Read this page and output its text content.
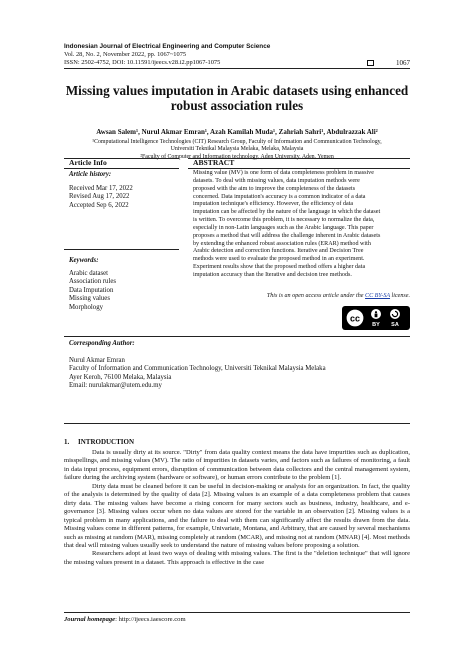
Indonesian Journal of Electrical Engineering and Computer Science
Vol. 28, No. 2, November 2022, pp. 1067~1075
ISSN: 2502-4752, DOI: 10.11591/ijeecs.v28.i2.pp1067-1075	1067
Missing values imputation in Arabic datasets using enhanced
robust association rules
Awsan Salem¹, Nurul Akmar Emran¹, Azah Kamilah Muda¹, Zahriah Sahri¹, Abdulrazzak Ali²
¹Computational Intelligence Technologies (CIT) Research Group, Faculty of Information and Communication Technology,
Universiti Teknikal Malaysia Melaka, Melaka, Malaysia
²Faculty of Computer and Information technology, Aden University, Aden, Yemen
Article Info	ABSTRACT
Article history:
Received Mar 17, 2022
Revised Aug 17, 2022
Accepted Sep 6, 2022
Keywords:
Arabic dataset
Association rules
Data Imputation
Missing values
Morphology
Missing value (MV) is one form of data completeness problem in massive
datasets. To deal with missing values, data imputation methods were
proposed with the aim to improve the completeness of the datasets
concerned. Data imputation's accuracy is a common indicator of a data
imputation technique's efficiency. However, the efficiency of data
imputation can be affected by the nature of the language in which the dataset
is written. To overcome this problem, it is necessary to normalize the data,
especially in non-Latin languages such as the Arabic language. This paper
proposes a method that will address the challenge inherent in Arabic datasets
by extending the enhanced robust association rules (ERAR) method with
Arabic detection and correction functions. Iterative and Decision Tree
methods were used to evaluate the proposed method in an experiment.
Experiment results show that the proposed method offers a higher data
imputation accuracy than the Iterative and decision tree methods.
This is an open access article under the CC BY-SA license.
cc
BY SA
Corresponding Author:
Nurul Akmar Emran
Faculty of Information and Communication Technology, Universiti Teknikal Malaysia Melaka
Ayer Keroh, 76100 Melaka, Malaysia
Email: nurulakmar@utem.edu.my
1.     INTRODUCTION

Data is usually dirty at its source. "Dirty" from data quality context means the data have impurities such as duplication, misspellings, and missing values (MV). The ratio of impurities in datasets varies, and factors such as failures of monitoring, a fault in data input process, equipment errors, disruption of communication between data collectors and the central management system, failure during the archiving system (hardware or software), or human errors contribute to the problem [1].

Dirty data must be cleaned before it can be useful in decision-making or analysis for an organization. In fact, the quality of the analysis is determined by the quality of data [2]. Missing values is an example of a data completeness problem that causes dirty data. The missing values have become a rising concern for many sectors such as business, industry, healthcare, and e-governance [3]. Missing values occur when no data values are stored for the variable in an observation [2]. Missing values is a typical problem in many applications, and the failure to deal with them can significantly affect the results drawn from the data. Missing values come in different patterns, for example, Univariate, Montana, and Arbitrary, that are caused by several mechanisms such as missing at random (MAR), missing completely at random (MCAR), and missing not at random (MNAR) [4]. Most methods that deal will missing values usually seek to understand the nature of missing values before proposing a solution.

Researchers adopt at least two ways of dealing with missing values. The first is the "deletion technique" that will ignore the missing values present in a dataset. This approach is effective in the case

Journal homepage: http://ijeecs.iaescore.com
